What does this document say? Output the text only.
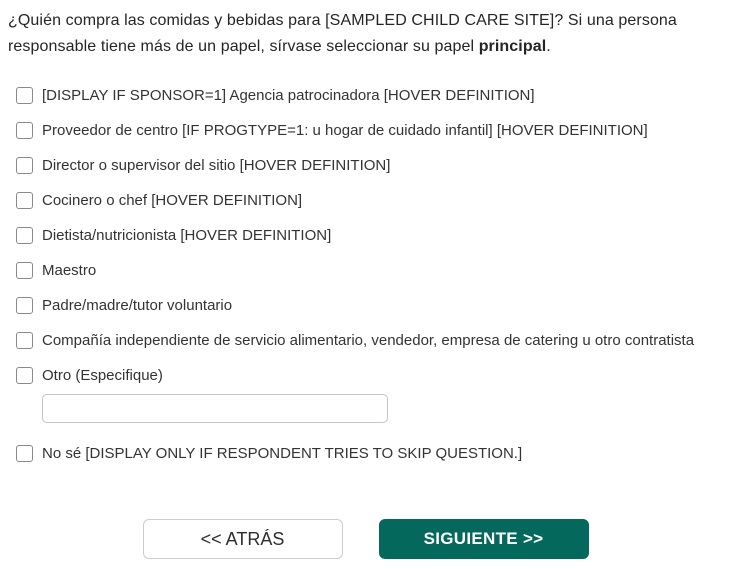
¿Quién compra las comidas y bebidas para [SAMPLED CHILD CARE SITE]? Si una persona responsable tiene más de un papel, sírvase seleccionar su papel principal.
[DISPLAY IF SPONSOR=1] Agencia patrocinadora [HOVER DEFINITION]
Proveedor de centro [IF PROGTYPE=1: u hogar de cuidado infantil] [HOVER DEFINITION]
Director o supervisor del sitio [HOVER DEFINITION]
Cocinero o chef [HOVER DEFINITION]
Dietista/nutricionista [HOVER DEFINITION]
Maestro
Padre/madre/tutor voluntario
Compañía independiente de servicio alimentario, vendedor, empresa de catering u otro contratista
Otro (Especifique)
No sé [DISPLAY ONLY IF RESPONDENT TRIES TO SKIP QUESTION.]
<< ATRÁS	SIGUIENTE >>
